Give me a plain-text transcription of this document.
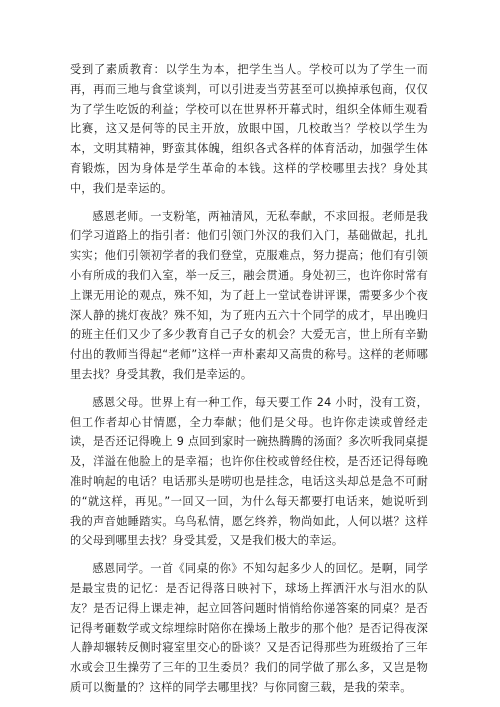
受到了素质教育：以学生为本，把学生当人。学校可以为了学生一而再，再而三地与食堂谈判，可以引进麦当劳甚至可以换掉承包商，仅仅为了学生吃饭的利益；学校可以在世界杯开幕式时，组织全体师生观看比赛，这又是何等的民主开放，放眼中国，几校敢当？学校以学生为本，文明其精神，野蛮其体魄，组织各式各样的体育活动，加强学生体育锻炼，因为身体是学生革命的本钱。这样的学校哪里去找？身处其中，我们是幸运的。

感恩老师。一支粉笔，两袖清风，无私奉献，不求回报。老师是我们学习道路上的指引者：他们引领门外汉的我们入门，基础做起，扎扎实实；他们引领初学者的我们登堂，克服难点，努力提高；他们有引领小有所成的我们入室，举一反三，融会贯通。身处初三，也许你时常有上课无用论的观点，殊不知，为了赶上一堂试卷讲评课，需要多少个夜深人静的挑灯夜战？殊不知，为了班内五六十个同学的成才，早出晚归的班主任们又少了多少教育自己子女的机会？大爱无言，世上所有辛勤付出的教师当得起“老师”这样一声朴素却又高贵的称号。这样的老师哪里去找？身受其教，我们是幸运的。

感恩父母。世界上有一种工作，每天要工作 24 小时，没有工资，但工作者却心甘情愿，全力奉献；他们是父母。也许你走读或曾经走读，是否还记得晚上 9 点回到家时一碗热腾腾的汤面？多次听我同桌提及，洋溢在他脸上的是幸福；也许你住校或曾经住校，是否还记得每晚准时响起的电话？电话那头是唠叨也是挂念，电话这头却总是急不可耐的“就这样，再见。”一回又一回，为什么每天都要打电话来，她说听到我的声音她睡踏实。乌鸟私情，愿乞终养，物尚如此，人何以堪？这样的父母到哪里去找？身受其爱，又是我们极大的幸运。

感恩同学。一首《同桌的你》不知勾起多少人的回忆。是啊，同学是最宝贵的记忆：是否记得落日映衬下，球场上挥洒汗水与泪水的队友？是否记得上课走神，起立回答问题时悄悄给你递答案的同桌？是否记得考砸数学或文综埋综时陪你在操场上散步的那个他？是否记得夜深人静却辗转反侧时寝室里交心的卧谈？又是否记得那些为班级抬了三年水或会卫生操劳了三年的卫生委员？我们的同学做了那么多，又岂是物质可以衡量的？这样的同学去哪里找？与你同窗三载，是我的荣幸。
